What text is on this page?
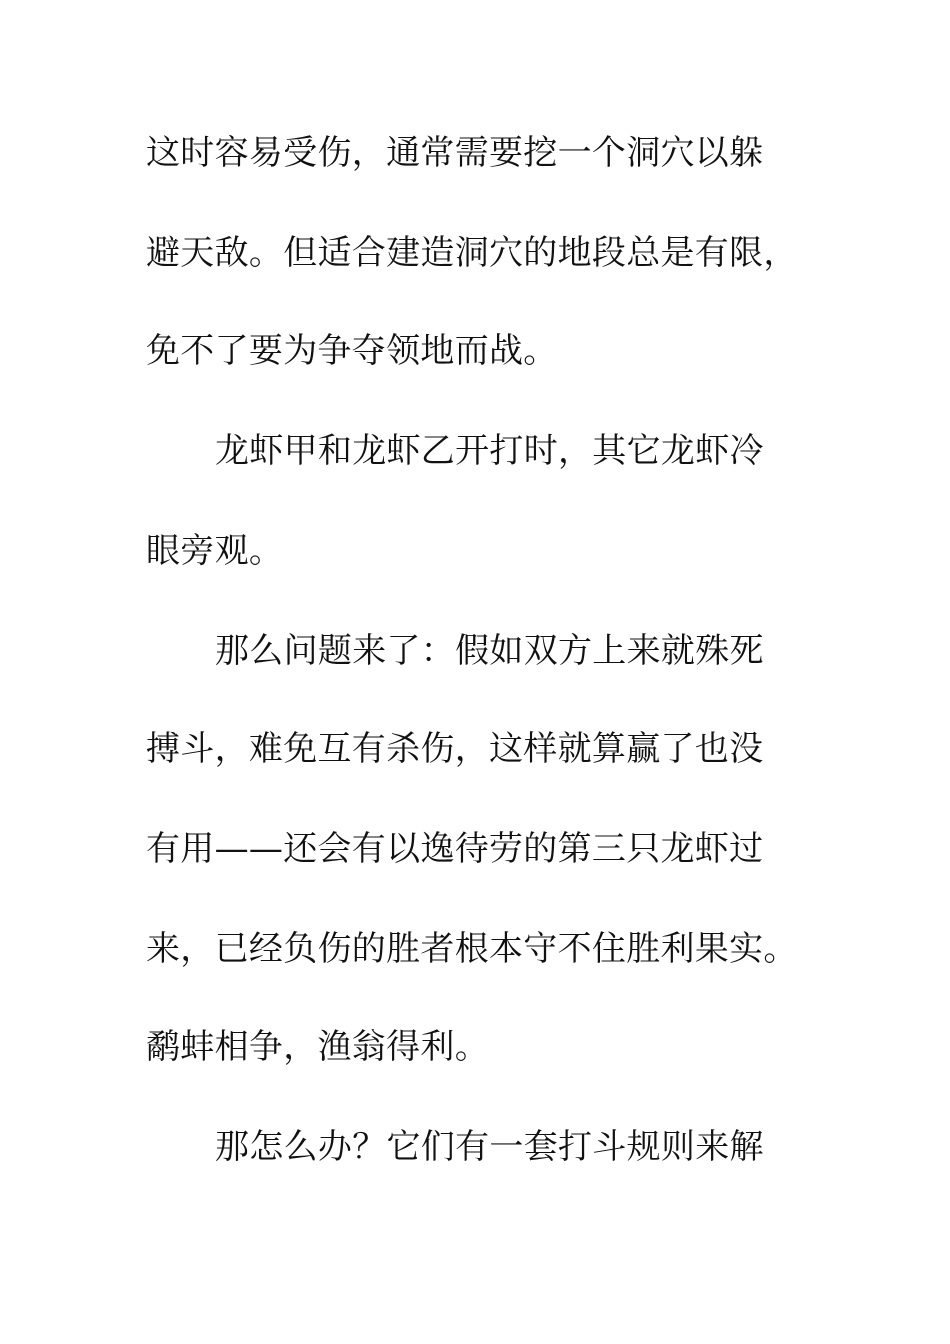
这时容易受伤，通常需要挖一个洞穴以躲

避天敌。但适合建造洞穴的地段总是有限，

免不了要为争夺领地而战。

龙虾甲和龙虾乙开打时，其它龙虾冷

眼旁观。

那么问题来了：假如双方上来就殊死

搏斗，难免互有杀伤，这样就算赢了也没

有用——还会有以逸待劳的第三只龙虾过

来，已经负伤的胜者根本守不住胜利果实。

鹬蚌相争，渔翁得利。

那怎么办？它们有一套打斗规则来解
